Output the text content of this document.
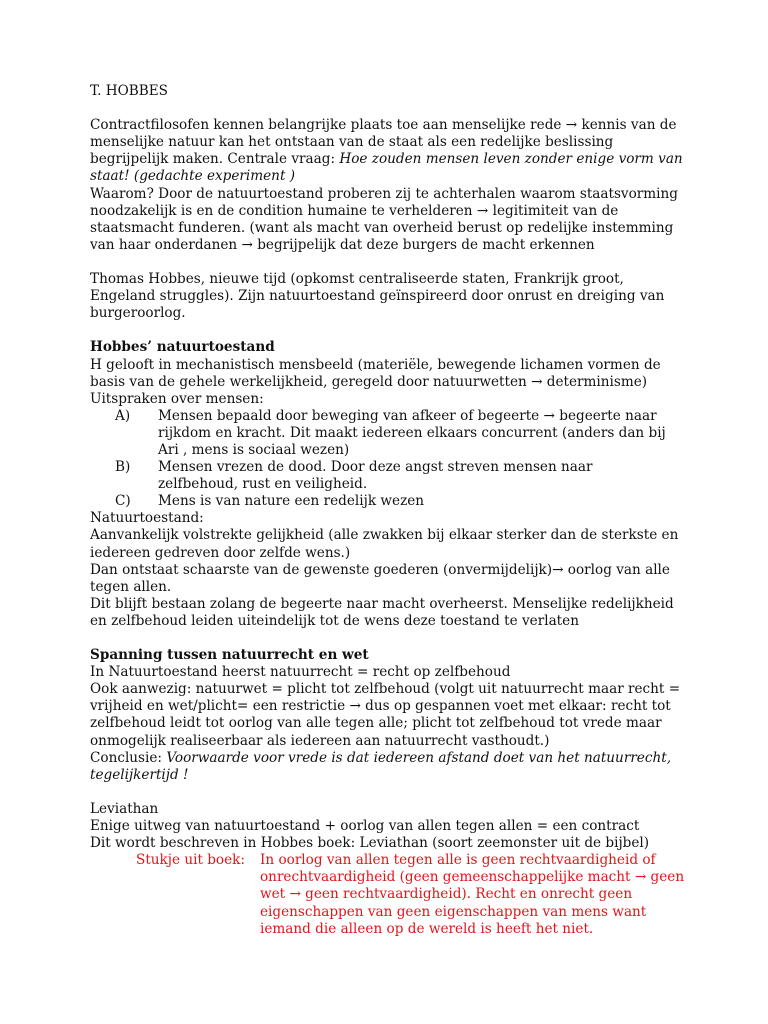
T. HOBBES

Contractfilosofen kennen belangrijke plaats toe aan menselijke rede → kennis van de menselijke natuur kan het ontstaan van de staat als een redelijke beslissing begrijpelijk maken. Centrale vraag: Hoe zouden mensen leven zonder enige vorm van staat! (gedachte experiment )

Waarom? Door de natuurtoestand proberen zij te achterhalen waarom staatsvorming noodzakelijk is en de condition humaine te verhelderen → legitimiteit van de staatsmacht funderen. (want als macht van overheid berust op redelijke instemming van haar onderdanen → begrijpelijk dat deze burgers de macht erkennen

Thomas Hobbes, nieuwe tijd (opkomst centraliseerde staten, Frankrijk groot, Engeland struggles). Zijn natuurtoestand geïnspireerd door onrust en dreiging van burgeroorlog.

Hobbes’ natuurtoestand

H gelooft in mechanistisch mensbeeld (materiële, bewegende lichamen vormen de basis van de gehele werkelijkheid, geregeld door natuurwetten → determinisme)

Uitspraken over mensen:

A)	Mensen bepaald door beweging van afkeer of begeerte → begeerte naar rijkdom en kracht. Dit maakt iedereen elkaars concurrent (anders dan bij Ari , mens is sociaal wezen)
B)	Mensen vrezen de dood. Door deze angst streven mensen naar zelfbehoud, rust en veiligheid.
C)	Mens is van nature een redelijk wezen

Natuurtoestand:

Aanvankelijk volstrekte gelijkheid (alle zwakken bij elkaar sterker dan de sterkste en iedereen gedreven door zelfde wens.)

Dan ontstaat schaarste van de gewenste goederen (onvermijdelijk)→ oorlog van alle tegen allen.

Dit blijft bestaan zolang de begeerte naar macht overheerst. Menselijke redelijkheid en zelfbehoud leiden uiteindelijk tot de wens deze toestand te verlaten

Spanning tussen natuurrecht en wet

In Natuurtoestand heerst natuurrecht = recht op zelfbehoud

Ook aanwezig: natuurwet = plicht tot zelfbehoud (volgt uit natuurrecht maar recht = vrijheid en wet/plicht= een restrictie → dus op gespannen voet met elkaar: recht tot zelfbehoud leidt tot oorlog van alle tegen alle; plicht tot zelfbehoud tot vrede maar onmogelijk realiseerbaar als iedereen aan natuurrecht vasthoudt.)

Conclusie: Voorwaarde voor vrede is dat iedereen afstand doet van het natuurrecht, tegelijkertijd !

Leviathan

Enige uitweg van natuurtoestand + oorlog van allen tegen allen = een contract

Dit wordt beschreven in Hobbes boek: Leviathan (soort zeemonster uit de bijbel)

Stukje uit boek:	In oorlog van allen tegen alle is geen rechtvaardigheid of onrechtvaardigheid (geen gemeenschappelijke macht → geen wet → geen rechtvaardigheid). Recht en onrecht geen eigenschappen van geen eigenschappen van mens want iemand die alleen op de wereld is heeft het niet.
